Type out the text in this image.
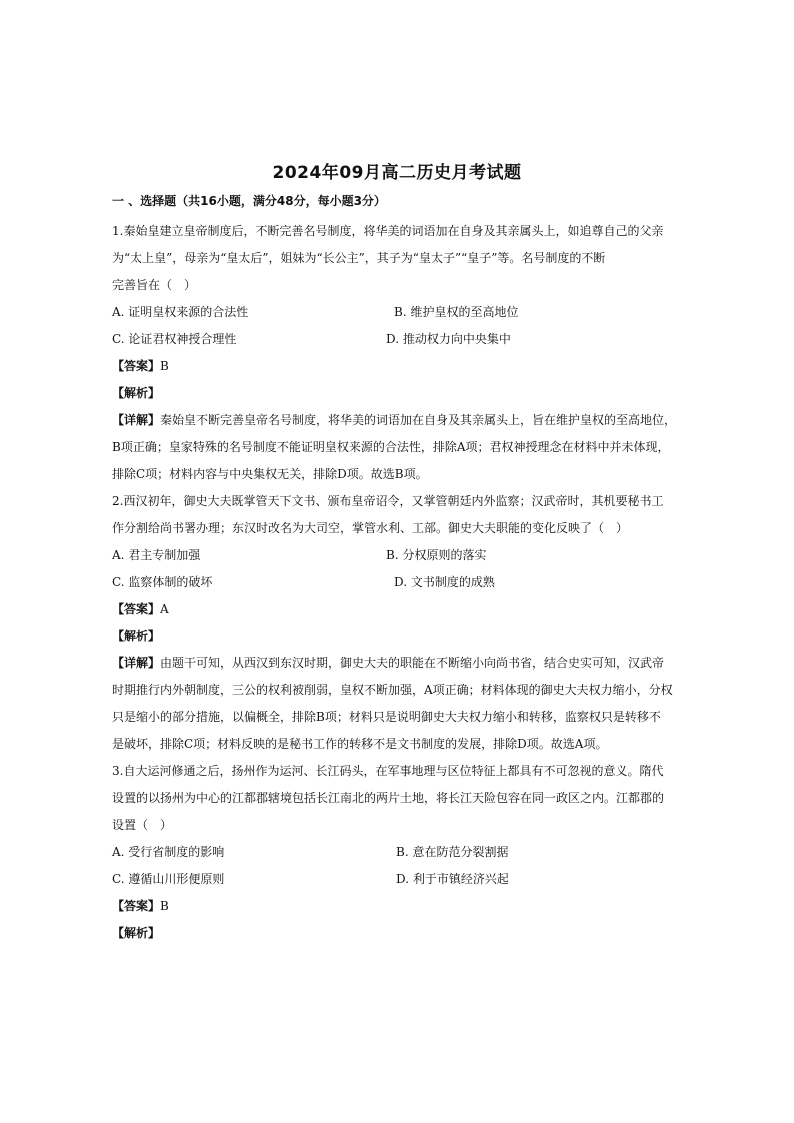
2024年09月高二历史月考试题
一 、选择题（共16小题，满分48分，每小题3分）

1.秦始皇建立皇帝制度后，不断完善名号制度，将华美的词语加在自身及其亲属头上，如追尊自己的父亲

为“太上皇”，母亲为“皇太后”，姐妹为“长公主”，其子为“皇太子”“皇子”等。名号制度的不断

完善旨在（　）

A. 证明皇权来源的合法性	B. 维护皇权的至高地位
C. 论证君权神授合理性	D. 推动权力向中央集中

【答案】B

【解析】

【详解】秦始皇不断完善皇帝名号制度，将华美的词语加在自身及其亲属头上，旨在维护皇权的至高地位，

B项正确；皇家特殊的名号制度不能证明皇权来源的合法性，排除A项；君权神授理念在材料中并未体现，

排除C项；材料内容与中央集权无关，排除D项。故选B项。

2.西汉初年，御史大夫既掌管天下文书、颁布皇帝诏令，又掌管朝廷内外监察；汉武帝时，其机要秘书工

作分割给尚书署办理；东汉时改名为大司空，掌管水利、工部。御史大夫职能的变化反映了（　）

A. 君主专制加强	B. 分权原则的落实
C. 监察体制的破坏	D. 文书制度的成熟

【答案】A

【解析】

【详解】由题干可知，从西汉到东汉时期，御史大夫的职能在不断缩小向尚书省，结合史实可知，汉武帝

时期推行内外朝制度，三公的权利被削弱，皇权不断加强，A项正确；材料体现的御史大夫权力缩小，分权

只是缩小的部分措施，以偏概全，排除B项；材料只是说明御史大夫权力缩小和转移，监察权只是转移不

是破坏，排除C项；材料反映的是秘书工作的转移不是文书制度的发展，排除D项。故选A项。

3.自大运河修通之后，扬州作为运河、长江码头，在军事地理与区位特征上都具有不可忽视的意义。隋代

设置的以扬州为中心的江都郡辖境包括长江南北的两片土地，将长江天险包容在同一政区之内。江都郡的

设置（　）

A. 受行省制度的影响	B. 意在防范分裂割据
C. 遵循山川形便原则	D. 利于市镇经济兴起

【答案】B

【解析】
